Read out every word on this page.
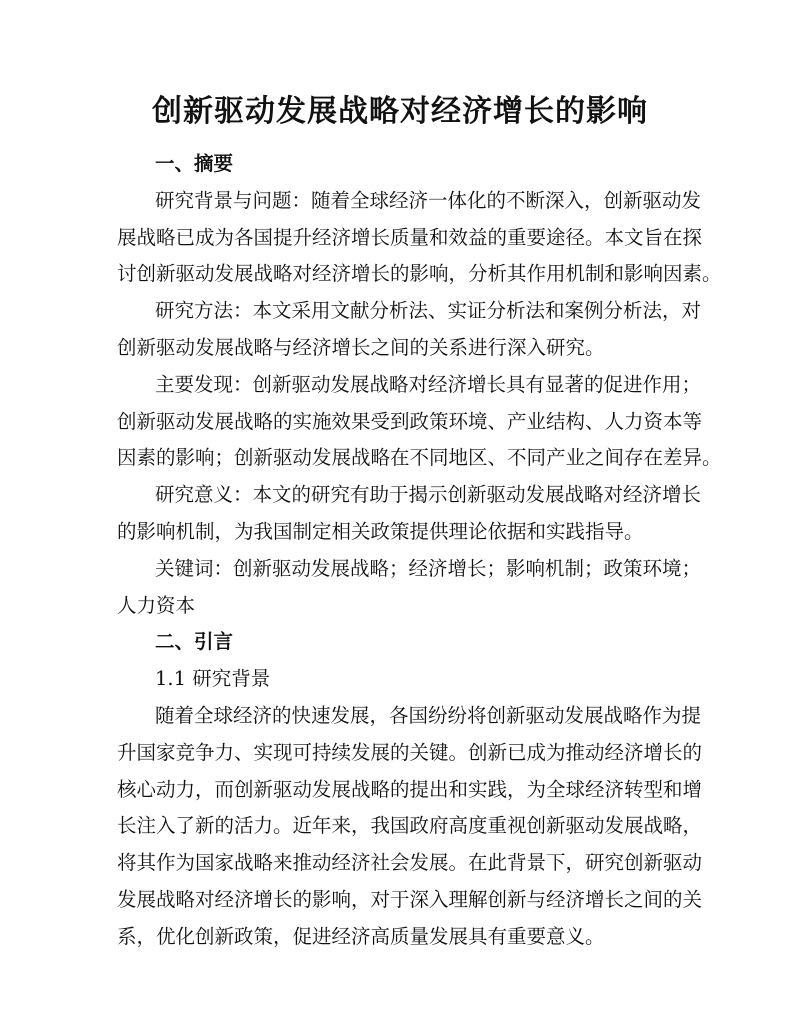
创新驱动发展战略对经济增长的影响
一、摘要
研究背景与问题：随着全球经济一体化的不断深入，创新驱动发
展战略已成为各国提升经济增长质量和效益的重要途径。本文旨在探
讨创新驱动发展战略对经济增长的影响，分析其作用机制和影响因素。
研究方法：本文采用文献分析法、实证分析法和案例分析法，对
创新驱动发展战略与经济增长之间的关系进行深入研究。
主要发现：创新驱动发展战略对经济增长具有显著的促进作用；
创新驱动发展战略的实施效果受到政策环境、产业结构、人力资本等
因素的影响；创新驱动发展战略在不同地区、不同产业之间存在差异。
研究意义：本文的研究有助于揭示创新驱动发展战略对经济增长
的影响机制，为我国制定相关政策提供理论依据和实践指导。
关键词：创新驱动发展战略；经济增长；影响机制；政策环境；
人力资本
二、引言
1.1 研究背景
随着全球经济的快速发展，各国纷纷将创新驱动发展战略作为提
升国家竞争力、实现可持续发展的关键。创新已成为推动经济增长的
核心动力，而创新驱动发展战略的提出和实践，为全球经济转型和增
长注入了新的活力。近年来，我国政府高度重视创新驱动发展战略，
将其作为国家战略来推动经济社会发展。在此背景下，研究创新驱动
发展战略对经济增长的影响，对于深入理解创新与经济增长之间的关
系，优化创新政策，促进经济高质量发展具有重要意义。
